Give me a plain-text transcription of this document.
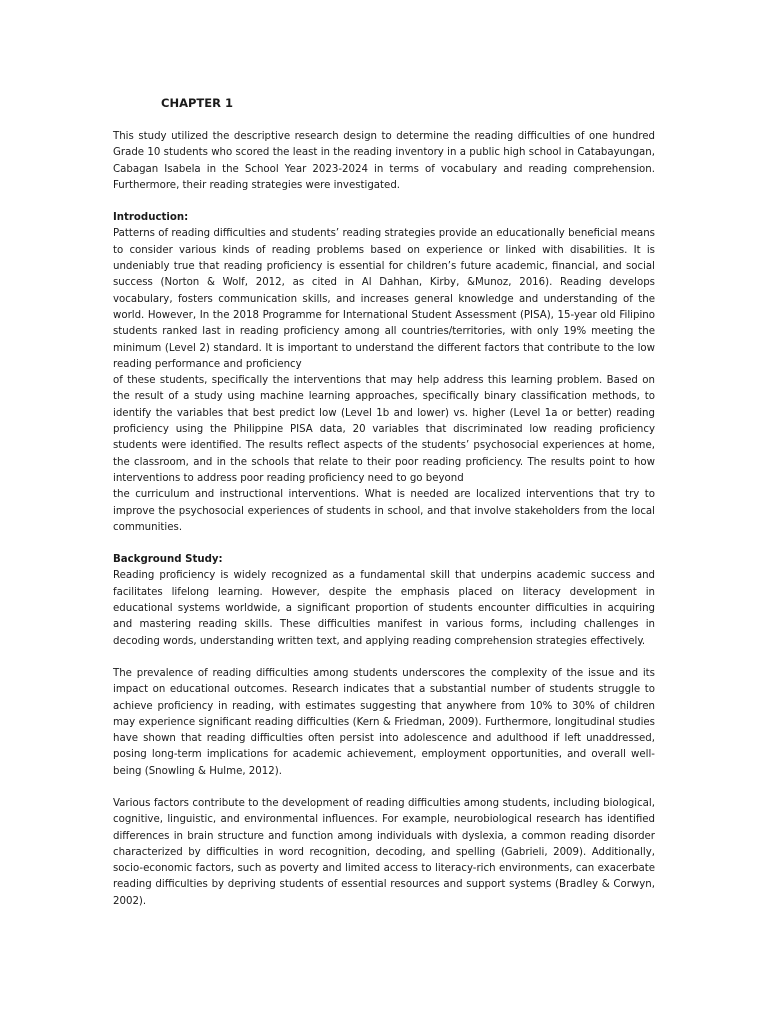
CHAPTER 1

This study utilized the descriptive research design to determine the reading difficulties of one hundred Grade 10 students who scored the least in the reading inventory in a public high school in Catabayungan, Cabagan Isabela in the School Year 2023-2024 in terms of vocabulary and reading comprehension. Furthermore, their reading strategies were investigated.

Introduction:

Patterns of reading difficulties and students’ reading strategies provide an educationally beneficial means to consider various kinds of reading problems based on experience or linked with disabilities. It is undeniably true that reading proficiency is essential for children’s future academic, financial, and social success (Norton & Wolf, 2012, as cited in Al Dahhan, Kirby, &Munoz, 2016). Reading develops vocabulary, fosters communication skills, and increases general knowledge and understanding of the world. However, In the 2018 Programme for International Student Assessment (PISA), 15-year old Filipino students ranked last in reading proficiency among all countries/territories, with only 19% meeting the minimum (Level 2) standard. It is important to understand the different factors that contribute to the low reading performance and proficiency

of these students, specifically the interventions that may help address this learning problem. Based on the result of a study using machine learning approaches, specifically binary classification methods, to identify the variables that best predict low (Level 1b and lower) vs. higher (Level 1a or better) reading proficiency using the Philippine PISA data, 20 variables that discriminated low reading proficiency students were identified. The results reflect aspects of the students’ psychosocial experiences at home, the classroom, and in the schools that relate to their poor reading proficiency. The results point to how interventions to address poor reading proficiency need to go beyond

the curriculum and instructional interventions. What is needed are localized interventions that try to improve the psychosocial experiences of students in school, and that involve stakeholders from the local communities.

Background Study:

Reading proficiency is widely recognized as a fundamental skill that underpins academic success and facilitates lifelong learning. However, despite the emphasis placed on literacy development in educational systems worldwide, a significant proportion of students encounter difficulties in acquiring and mastering reading skills. These difficulties manifest in various forms, including challenges in decoding words, understanding written text, and applying reading comprehension strategies effectively.

The prevalence of reading difficulties among students underscores the complexity of the issue and its impact on educational outcomes. Research indicates that a substantial number of students struggle to achieve proficiency in reading, with estimates suggesting that anywhere from 10% to 30% of children may experience significant reading difficulties (Kern & Friedman, 2009). Furthermore, longitudinal studies have shown that reading difficulties often persist into adolescence and adulthood if left unaddressed, posing long-term implications for academic achievement, employment opportunities, and overall well-being (Snowling & Hulme, 2012).

Various factors contribute to the development of reading difficulties among students, including biological, cognitive, linguistic, and environmental influences. For example, neurobiological research has identified differences in brain structure and function among individuals with dyslexia, a common reading disorder characterized by difficulties in word recognition, decoding, and spelling (Gabrieli, 2009). Additionally, socio-economic factors, such as poverty and limited access to literacy-rich environments, can exacerbate reading difficulties by depriving students of essential resources and support systems (Bradley & Corwyn, 2002).
